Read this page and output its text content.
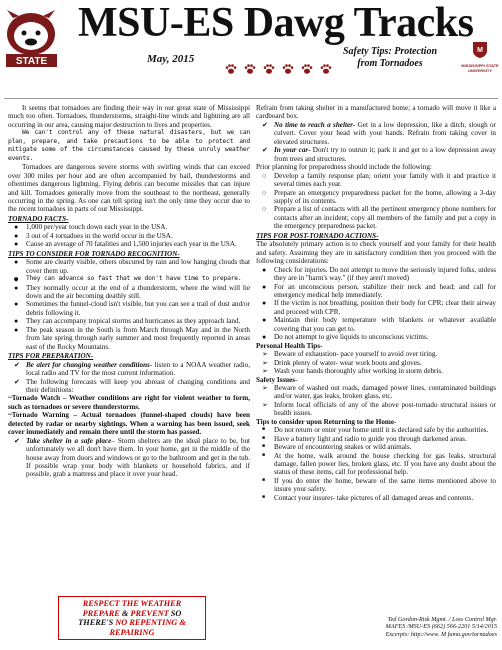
STATE
MSU-ES Dawg Tracks
May, 2015
Safety Tips: Protection
from Tornadoes
M
MISSISSIPPI STATE UNIVERSITY

It seems that tornadoes are finding their way in our great state of Mississippi much too often. Tornadoes, thunderstorms, straight-line winds and lightning are all occurring in our area, causing major destruction to lives and properties.

We can't control any of these natural disasters, but we can plan, prepare, and take precautions to be able to protect and mitigate some of the circumstances caused by these unruly weather events.

Tornadoes are dangerous severe storms with swirling winds that can exceed over 300 miles per hour and are often accompanied by hail, thunderstorms and oftentimes dangerous lightning. Flying debris can become missiles that can injure and kill. Tornadoes generally move from the southeast to the northeast, generally occurring in the spring. As one can tell spring isn't the only time they occur due to the recent tornadoes in parts of our Mississippi.

TORNADO FACTS-

● 1,000 per/year touch down each year in the USA.
● 3 out of 4 tornadoes in the world occur in the USA.
● Cause an average of 70 fatalities and 1,500 injuries each year in the USA.

TIPS TO CONSIDER FOR TORNADO RECOGNITION-

● Some are clearly visible, others obscured by rain and low hanging clouds that cover them up.
● They can advance so fast that we don't have time to prepare.
● They normally occur at the end of a thunderstorm, where the wind will lie down and the air becoming deathly still.
● Sometimes the funnel-cloud isn't visible, but you can see a trail of dust and/or debris following it.
● They can accompany tropical storms and hurricanes as they approach land.
● The peak season in the South is from March through May and in the North from late spring through early summer and most frequently reported in areas east of the Rocky Mountains.

TIPS FOR PREPARATION-

✔ Be alert for changing weather conditions- listen to a NOAA weather radio, local radio and TV for the most current information.
✔ The following forecasts will keep you abreast of changing conditions and their definitions:

~Tornado Watch – Weather conditions are right for violent weather to form, such as tornadoes or severe thunderstorms.

~Tornado Warning – Actual tornadoes (funnel-shaped clouds) have been detected by radar or nearby sightings. When a warning has been issued, seek cover immediately and remain there until the storm has passed.

✔ Take shelter in a safe place– Storm shelters are the ideal place to be, but unfortunately we all don't have them. In your home, get in the middle of the house away from doors and windows or go to the bathroom and get in the tub. If possible wrap your body with blankets or household fabrics, and if possible, grab a mattress and place it over your head.

Refrain from taking shelter in a manufactured home; a tornado will move it like a cardboard box.

✔ No time to reach a shelter- Get in a low depression, like a ditch, slough or culvert. Cover your head with your hands. Refrain from taking cover in elevated structures.
✔ In your car- Don't try to outrun it; park it and get to a low depression away from trees and structures.

Prior planning for preparedness should include the following:

○ Develop a family response plan; orient your family with it and practice it several times each year.
○ Prepare an emergency preparedness packet for the home, allowing a 3-day supply of its contents.
○ Prepare a list of contacts with all the pertinent emergency phone numbers for contacts after an incident; copy all members of the family and put a copy in the emergency preparedness packet.

TIPS FOR POST-TORNADO ACTIONS-

The absolutely primary action is to check yourself and your family for their health and safety. Assuming they are in satisfactory condition then you proceed with the following considerations:

● Check for injuries. Do not attempt to move the seriously injured folks, unless they are in "harm's way." (if they aren't moved)
● For an unconscious person, stabilize their neck and head; and call for emergency medical help immediately.
● If the victim is not breathing, position their body for CPR; clear their airway and proceed with CPR.
● Maintain their body temperature with blankets or whatever available covering that you can get to.
● Do not attempt to give liquids to unconscious victims.

Personal Health Tips-

➢ Beware of exhaustion- pace yourself to avoid over tiring.
➢ Drink plenty of water- wear work boots and gloves.
➢ Wash your hands thoroughly after working in storm debris.

Safety Issues-

➢ Beware of washed out roads, damaged power lines, contaminated buildings and/or water, gas leaks, broken glass, etc.
➢ Inform local officials of any of the above post-tornado structural issues or health issues.

Tips to consider upon Returning to the Home-

■ Do not return or enter your home until it is declared safe by the authorities.
■ Have a battery light and radio to guide you through darkened areas.
■ Beware of encountering snakes or wild animals.
■ At the home, walk around the house checking for gas leaks, structural damage, fallen power lies, broken glass, etc. If you have any doubt about the status of these items, call for professional help.
■ If you do enter the home, beware of the same items mentioned above to insure your safety.
■ Contact your insurer- take pictures of all damaged areas and contents.
RESPECT THE WEATHER
PREPARE & PREVENT SO
THERE'S NO REPENTING & REPAIRING
Ted Gordon-Risk Mgmt. / Loss Control Mgr.
MAFES /MSU-ES (662) 566-2201 5/14/2015
Excerpts: http://www. M fama.gov/tornadoes
